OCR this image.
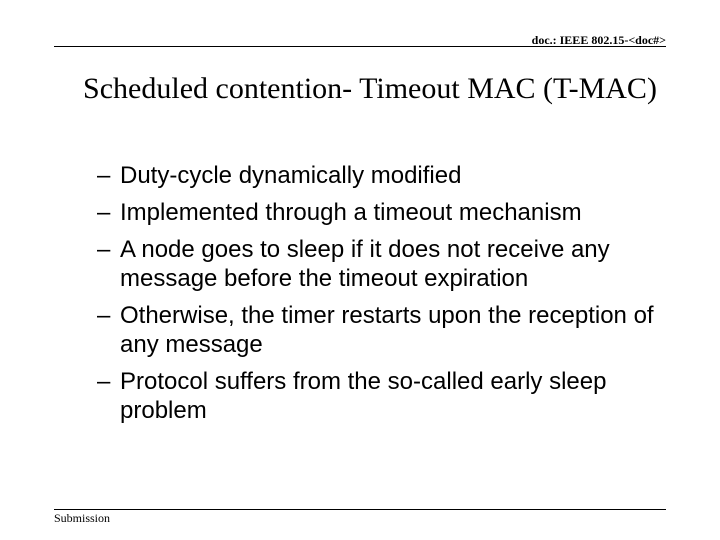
doc.: IEEE 802.15-<doc#>
Scheduled contention- Timeout MAC (T-MAC)
– Duty-cycle dynamically modified
– Implemented through a timeout mechanism
– A node goes to sleep if it does not receive any message before the timeout expiration
– Otherwise, the timer restarts upon the reception of any message
– Protocol suffers from the so-called early sleep problem
Submission
